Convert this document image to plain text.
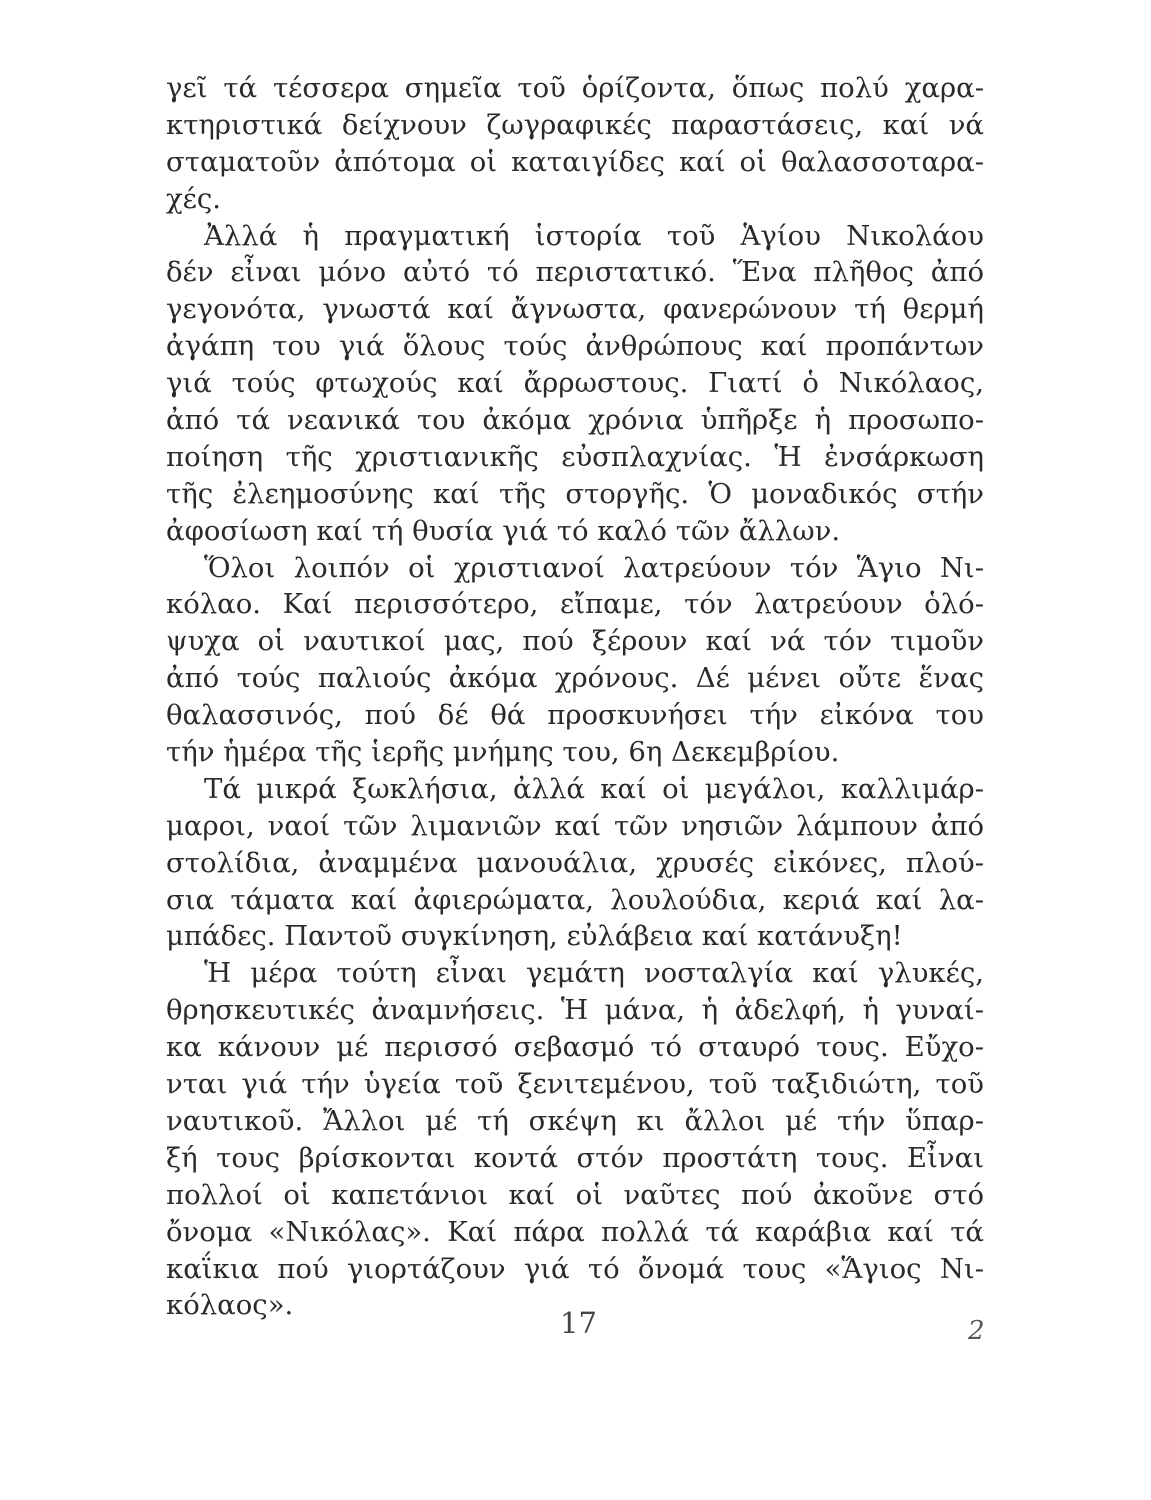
γεῖ τά τέσσερα σημεῖα τοῦ ὁρίζοντα, ὅπως πολύ χαρα-
κτηριστικά δείχνουν ζωγραφικές παραστάσεις, καί νά
σταματοῦν ἀπότομα οἱ καταιγίδες καί οἱ θαλασσοταρα-
χές.
Ἀλλά ἡ πραγματική ἱστορία τοῦ Ἁγίου Νικολάου
δέν εἶναι μόνο αὐτό τό περιστατικό. Ἕνα πλῆθος ἀπό
γεγονότα, γνωστά καί ἄγνωστα, φανερώνουν τή θερμή
ἀγάπη του γιά ὅλους τούς ἀνθρώπους καί προπάντων
γιά τούς φτωχούς καί ἄρρωστους. Γιατί ὁ Νικόλαος,
ἀπό τά νεανικά του ἀκόμα χρόνια ὑπῆρξε ἡ προσωπο-
ποίηση τῆς χριστιανικῆς εὐσπλαχνίας. Ἡ ἐνσάρκωση
τῆς ἐλεημοσύνης καί τῆς στοργῆς. Ὁ μοναδικός στήν
ἀφοσίωση καί τή θυσία γιά τό καλό τῶν ἄλλων.
Ὅλοι λοιπόν οἱ χριστιανοί λατρεύουν τόν Ἅγιο Νι-
κόλαο. Καί περισσότερο, εἴπαμε, τόν λατρεύουν ὁλό-
ψυχα οἱ ναυτικοί μας, πού ξέρουν καί νά τόν τιμοῦν
ἀπό τούς παλιούς ἀκόμα χρόνους. Δέ μένει οὔτε ἕνας
θαλασσινός, πού δέ θά προσκυνήσει τήν εἰκόνα του
τήν ἡμέρα τῆς ἱερῆς μνήμης του, 6η Δεκεμβρίου.
Τά μικρά ξωκλήσια, ἀλλά καί οἱ μεγάλοι, καλλιμάρ-
μαροι, ναοί τῶν λιμανιῶν καί τῶν νησιῶν λάμπουν ἀπό
στολίδια, ἀναμμένα μανουάλια, χρυσές εἰκόνες, πλού-
σια τάματα καί ἀφιερώματα, λουλούδια, κεριά καί λα-
μπάδες. Παντοῦ συγκίνηση, εὐλάβεια καί κατάνυξη!
Ἡ μέρα τούτη εἶναι γεμάτη νοσταλγία καί γλυκές,
θρησκευτικές ἀναμνήσεις. Ἡ μάνα, ἡ ἀδελφή, ἡ γυναί-
κα κάνουν μέ περισσό σεβασμό τό σταυρό τους. Εὔχο-
νται γιά τήν ὑγεία τοῦ ξενιτεμένου, τοῦ ταξιδιώτη, τοῦ
ναυτικοῦ. Ἄλλοι μέ τή σκέψη κι ἄλλοι μέ τήν ὕπαρ-
ξή τους βρίσκονται κοντά στόν προστάτη τους. Εἶναι
πολλοί οἱ καπετάνιοι καί οἱ ναῦτες πού ἀκοῦνε στό
ὄνομα «Νικόλας». Καί πάρα πολλά τά καράβια καί τά
καΐκια πού γιορτάζουν γιά τό ὄνομά τους «Ἅγιος Νι-
κόλαος».
17	2
